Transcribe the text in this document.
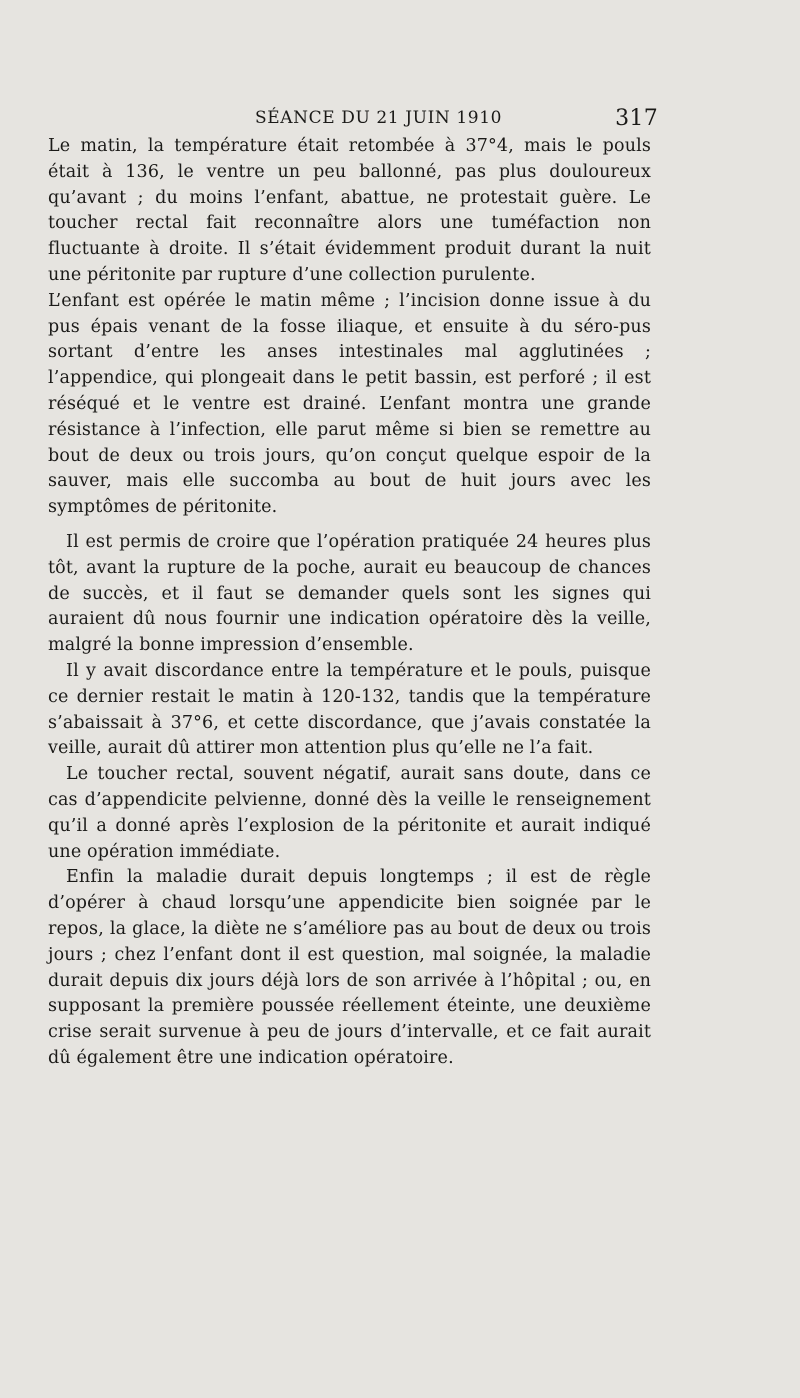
SÉANCE DU 21 JUIN 1910	317

Le matin, la température était retombée à 37°4, mais le pouls était à 136, le ventre un peu ballonné, pas plus douloureux qu’avant ; du moins l’enfant, abattue, ne protestait guère. Le toucher rectal fait reconnaître alors une tuméfaction non fluctuante à droite. Il s’était évidemment produit durant la nuit une péritonite par rupture d’une collection purulente.

L’enfant est opérée le matin même ; l’incision donne issue à du pus épais venant de la fosse iliaque, et ensuite à du séro-pus sortant d’entre les anses intestinales mal agglutinées ; l’appendice, qui plongeait dans le petit bassin, est perforé ; il est réséqué et le ventre est drainé. L’enfant montra une grande résistance à l’infection, elle parut même si bien se remettre au bout de deux ou trois jours, qu’on conçut quelque espoir de la sauver, mais elle succomba au bout de huit jours avec les symptômes de péritonite.

Il est permis de croire que l’opération pratiquée 24 heures plus tôt, avant la rupture de la poche, aurait eu beaucoup de chances de succès, et il faut se demander quels sont les signes qui auraient dû nous fournir une indication opératoire dès la veille, malgré la bonne impression d’ensemble.

Il y avait discordance entre la température et le pouls, puisque ce dernier restait le matin à 120-132, tandis que la température s’abaissait à 37°6, et cette discordance, que j’avais constatée la veille, aurait dû attirer mon attention plus qu’elle ne l’a fait.

Le toucher rectal, souvent négatif, aurait sans doute, dans ce cas d’appendicite pelvienne, donné dès la veille le renseignement qu’il a donné après l’explosion de la péritonite et aurait indiqué une opération immédiate.

Enfin la maladie durait depuis longtemps ; il est de règle d’opérer à chaud lorsqu’une appendicite bien soignée par le repos, la glace, la diète ne s’améliore pas au bout de deux ou trois jours ; chez l’enfant dont il est question, mal soignée, la maladie durait depuis dix jours déjà lors de son arrivée à l’hôpital ; ou, en supposant la première poussée réellement éteinte, une deuxième crise serait survenue à peu de jours d’intervalle, et ce fait aurait dû également être une indication opératoire.
